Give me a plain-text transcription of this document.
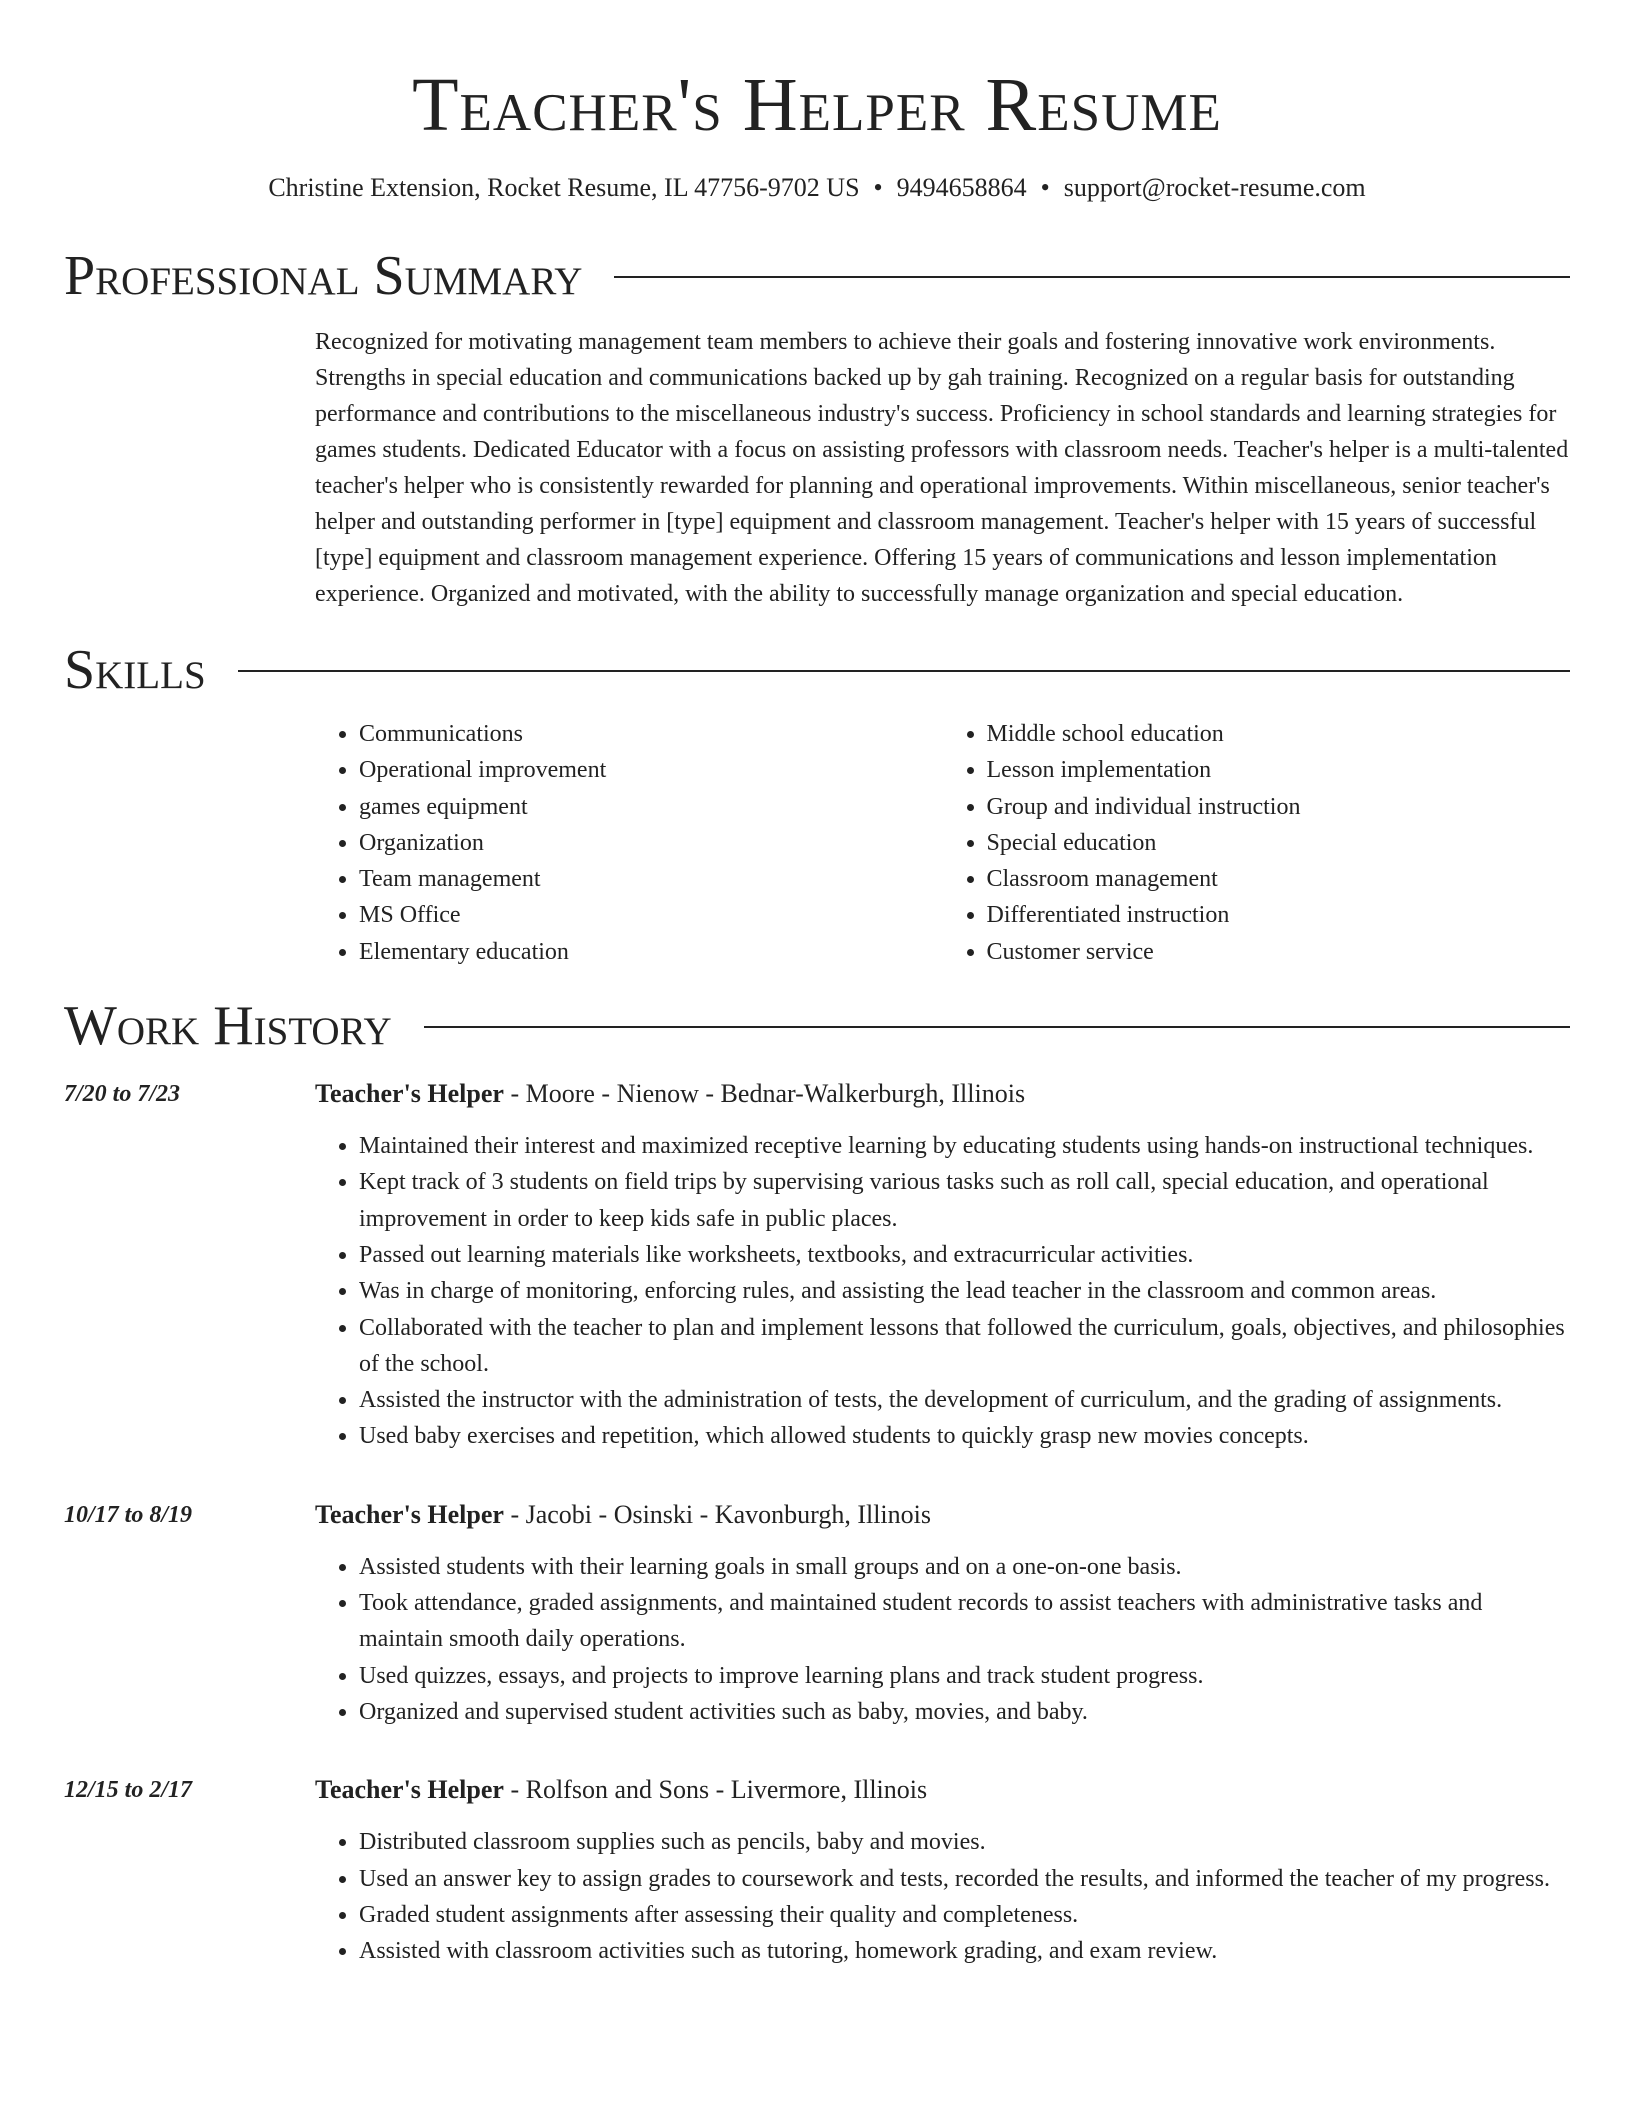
Teacher's Helper Resume
Christine Extension, Rocket Resume, IL 47756-9702 US • 9494658864 • support@rocket-resume.com
Professional Summary
Recognized for motivating management team members to achieve their goals and fostering innovative work environments. Strengths in special education and communications backed up by gah training. Recognized on a regular basis for outstanding performance and contributions to the miscellaneous industry's success. Proficiency in school standards and learning strategies for games students. Dedicated Educator with a focus on assisting professors with classroom needs. Teacher's helper is a multi-talented teacher's helper who is consistently rewarded for planning and operational improvements. Within miscellaneous, senior teacher's helper and outstanding performer in [type] equipment and classroom management. Teacher's helper with 15 years of successful [type] equipment and classroom management experience. Offering 15 years of communications and lesson implementation experience. Organized and motivated, with the ability to successfully manage organization and special education.
Skills
• Communications
• Operational improvement
• games equipment
• Organization
• Team management
• MS Office
• Elementary education
• Middle school education
• Lesson implementation
• Group and individual instruction
• Special education
• Classroom management
• Differentiated instruction
• Customer service
Work History
7/20 to 7/23	Teacher's Helper - Moore - Nienow - Bednar-Walkerburgh, Illinois
• Maintained their interest and maximized receptive learning by educating students using hands-on instructional techniques.
• Kept track of 3 students on field trips by supervising various tasks such as roll call, special education, and operational improvement in order to keep kids safe in public places.
• Passed out learning materials like worksheets, textbooks, and extracurricular activities.
• Was in charge of monitoring, enforcing rules, and assisting the lead teacher in the classroom and common areas.
• Collaborated with the teacher to plan and implement lessons that followed the curriculum, goals, objectives, and philosophies of the school.
• Assisted the instructor with the administration of tests, the development of curriculum, and the grading of assignments.
• Used baby exercises and repetition, which allowed students to quickly grasp new movies concepts.
10/17 to 8/19	Teacher's Helper - Jacobi - Osinski - Kavonburgh, Illinois
• Assisted students with their learning goals in small groups and on a one-on-one basis.
• Took attendance, graded assignments, and maintained student records to assist teachers with administrative tasks and maintain smooth daily operations.
• Used quizzes, essays, and projects to improve learning plans and track student progress.
• Organized and supervised student activities such as baby, movies, and baby.
12/15 to 2/17	Teacher's Helper - Rolfson and Sons - Livermore, Illinois
• Distributed classroom supplies such as pencils, baby and movies.
• Used an answer key to assign grades to coursework and tests, recorded the results, and informed the teacher of my progress.
• Graded student assignments after assessing their quality and completeness.
• Assisted with classroom activities such as tutoring, homework grading, and exam review.
